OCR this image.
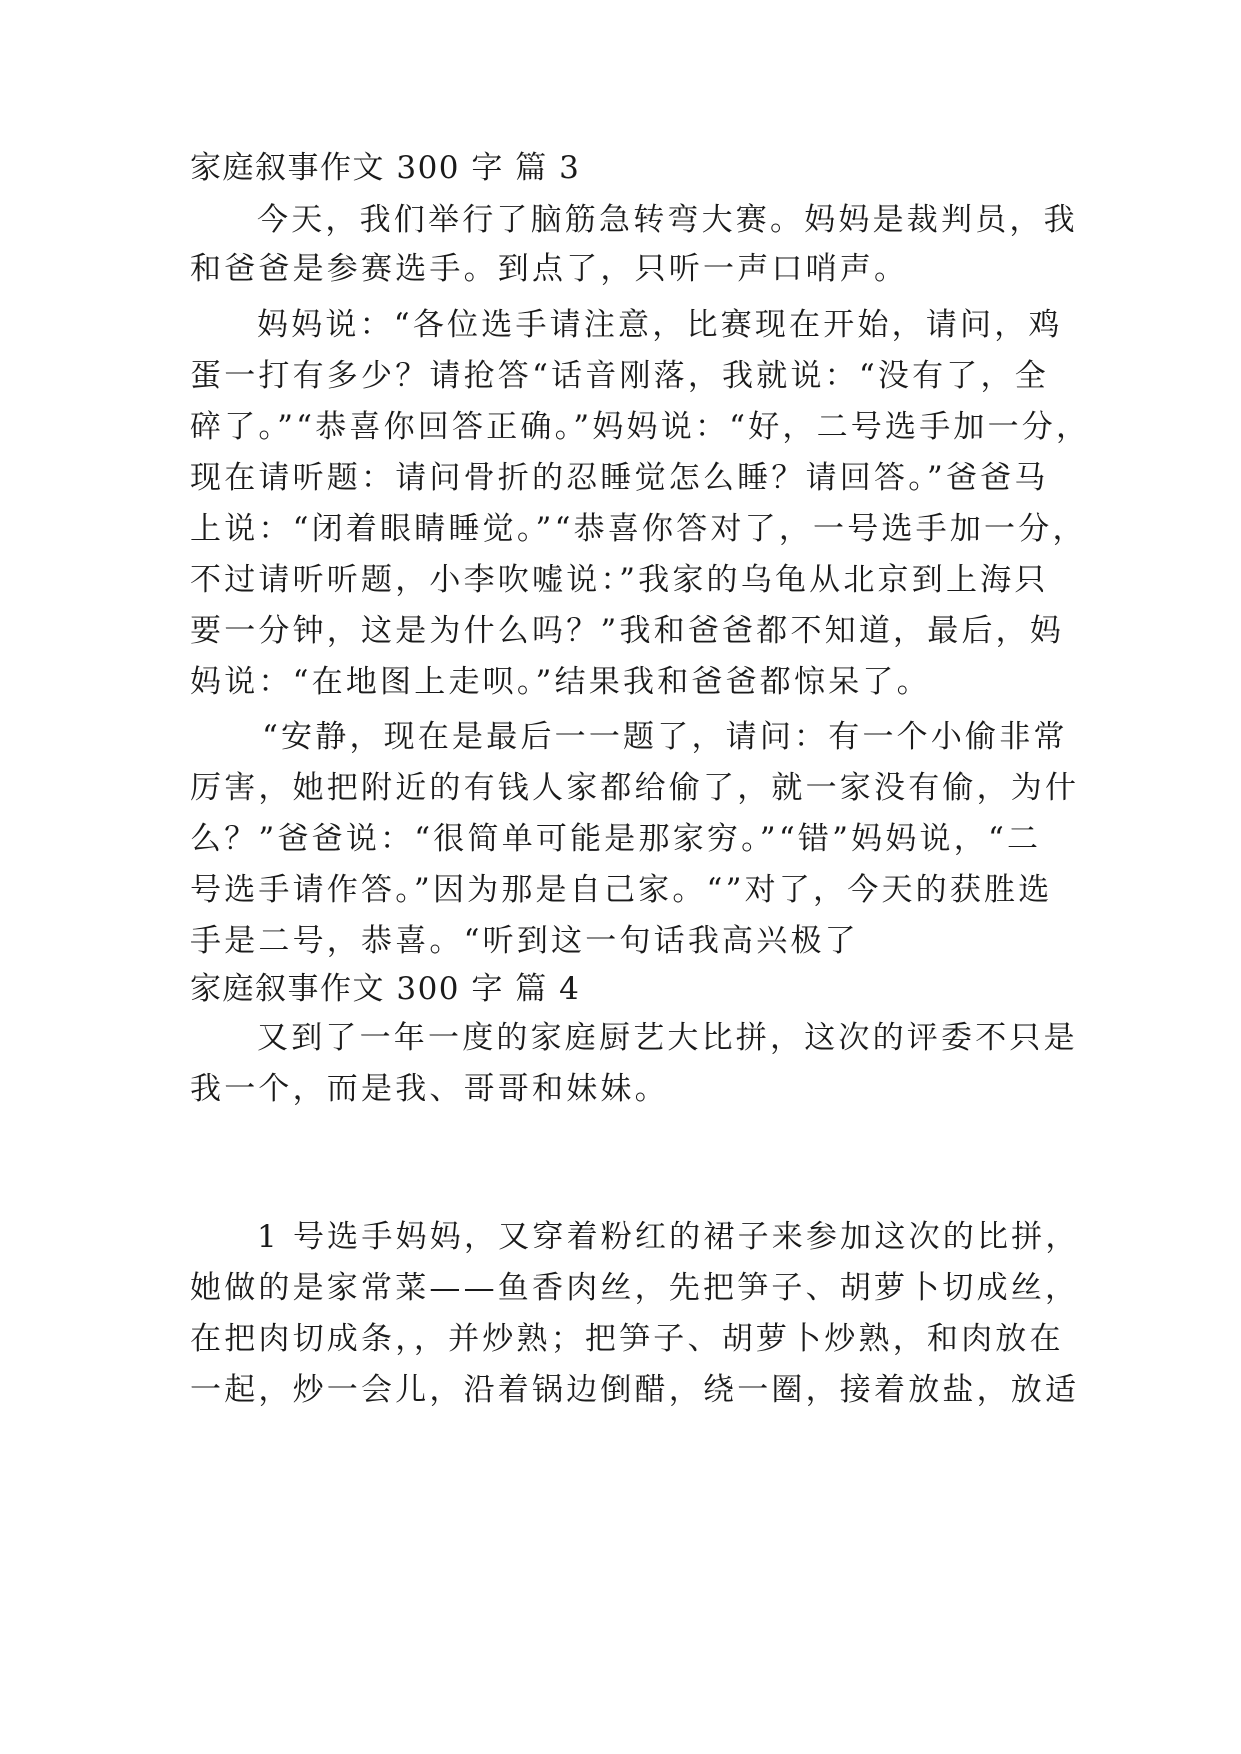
家庭叙事作文 300 字 篇 3
今天，我们举行了脑筋急转弯大赛。妈妈是裁判员，我
和爸爸是参赛选手。到点了，只听一声口哨声。
妈妈说：“各位选手请注意，比赛现在开始，请问，鸡
蛋一打有多少？请抢答“话音刚落，我就说：“没有了，全
碎了。”“恭喜你回答正确。”妈妈说：“好，二号选手加一分，
现在请听题：请问骨折的忍睡觉怎么睡？请回答。”爸爸马
上说：“闭着眼睛睡觉。”“恭喜你答对了，一号选手加一分，
不过请听听题，小李吹嘘说：”我家的乌龟从北京到上海只
要一分钟，这是为什么吗？”我和爸爸都不知道，最后，妈
妈说：“在地图上走呗。”结果我和爸爸都惊呆了。
“安静，现在是最后一一题了，请问：有一个小偷非常
厉害，她把附近的有钱人家都给偷了，就一家没有偷，为什
么？”爸爸说：“很简单可能是那家穷。”“错”妈妈说，“二
号选手请作答。”因为那是自己家。“”对了，今天的获胜选
手是二号，恭喜。“听到这一句话我高兴极了
家庭叙事作文 300 字 篇 4
又到了一年一度的家庭厨艺大比拼，这次的评委不只是
我一个，而是我、哥哥和妹妹。
1 号选手妈妈，又穿着粉红的裙子来参加这次的比拼，
她做的是家常菜——鱼香肉丝，先把笋子、胡萝卜切成丝，
在把肉切成条，，并炒熟；把笋子、胡萝卜炒熟，和肉放在
一起，炒一会儿，沿着锅边倒醋，绕一圈，接着放盐，放适
